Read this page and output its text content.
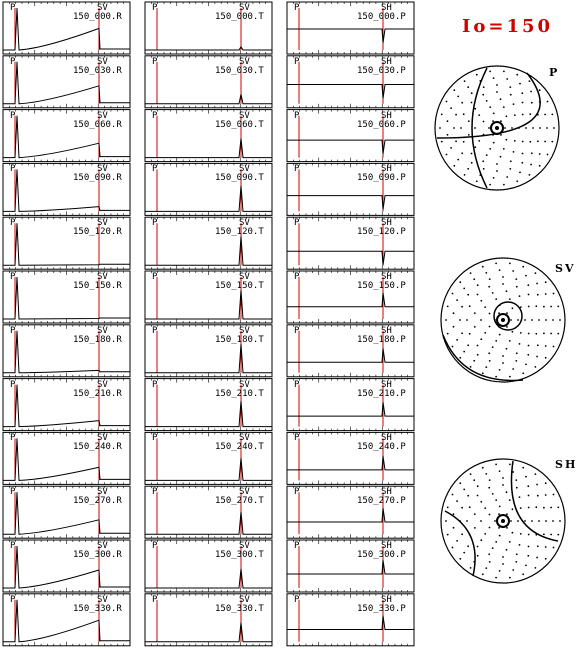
P	SV
150_000.R
P	SV
150_030.R
P	SV
150_060.R
P	SV
150_090.R
P	SV
150_120.R
P	SV
150_150.R
P	SV
150_180.R
P	SV
150_210.R
P	SV
150_240.R
P	SV
150_270.R
P	SV
150_300.R
P	SV
150_330.R
P	SV
150_000.T
P	SV
150_030.T
P	SV
150_060.T
P	SV
150_090.T
P	SV
150_120.T
P	SV
150_150.T
P	SV
150_180.T
P	SV
150_210.T
P	SV
150_240.T
P	SV
150_270.T
P	SV
150_300.T
P	SV
150_330.T
P	SH
150_000.P
P	SH
150_030.P
P	SH
150_060.P
P	SH
150_090.P
P	SH
150_120.P
P	SH
150_150.P
P	SH
150_180.P
P	SH
150_210.P
P	SH
150_240.P
P	SH
150_270.P
P	SH
150_300.P
P	SH
150_330.P
P
SV
SH
Io=150
